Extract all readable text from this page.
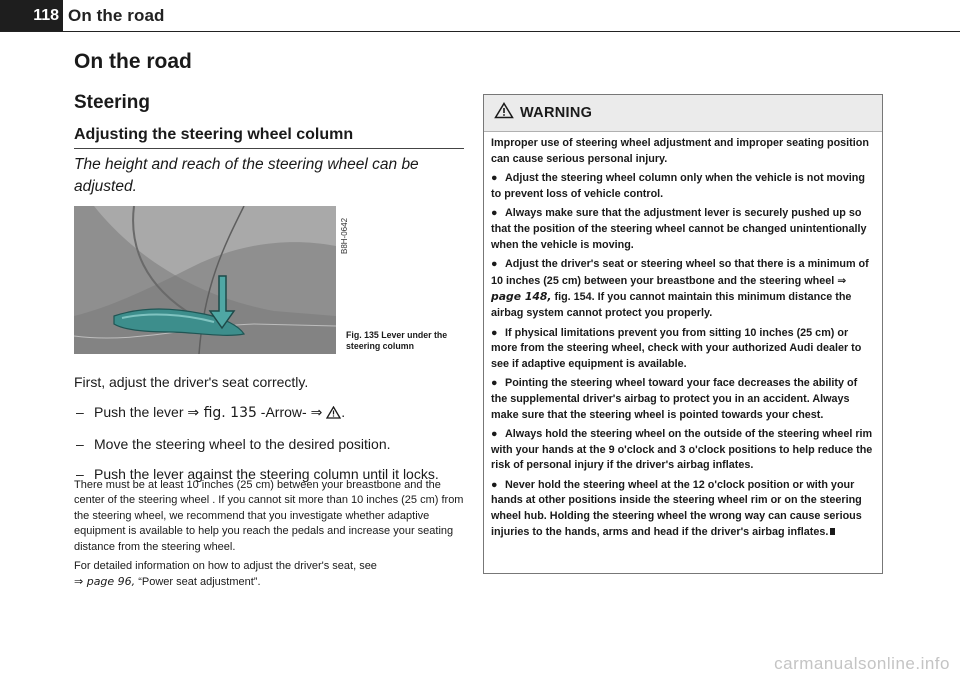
118 On the road
On the road
Steering
Adjusting the steering wheel column

The height and reach of the steering wheel can be adjusted.

B8H-0642
Fig. 135 Lever under the steering column

First, adjust the driver's seat correctly.

– Push the lever ⇒ fig. 135 -Arrow- ⇒ .
– Move the steering wheel to the desired position.
– Push the lever against the steering column until it locks.

There must be at least 10 inches (25 cm) between your breastbone and the center of the steering wheel . If you cannot sit more than 10 inches (25 cm) from the steering wheel, we recommend that you investigate whether adaptive equipment is available to help you reach the pedals and increase your seating distance from the steering wheel.

For detailed information on how to adjust the driver's seat, see
⇒ page 96, “Power seat adjustment”.

WARNING

Improper use of steering wheel adjustment and improper seating position can cause serious personal injury.

● Adjust the steering wheel column only when the vehicle is not moving to prevent loss of vehicle control.

● Always make sure that the adjustment lever is securely pushed up so that the position of the steering wheel cannot be changed unintentionally when the vehicle is moving.

● Adjust the driver's seat or steering wheel so that there is a minimum of 10 inches (25 cm) between your breastbone and the steering wheel ⇒ page 148, fig. 154. If you cannot maintain this minimum distance the airbag system cannot protect you properly.

● If physical limitations prevent you from sitting 10 inches (25 cm) or more from the steering wheel, check with your authorized Audi dealer to see if adaptive equipment is available.

● Pointing the steering wheel toward your face decreases the ability of the supplemental driver's airbag to protect you in an accident. Always make sure that the steering wheel is pointed towards your chest.

● Always hold the steering wheel on the outside of the steering wheel rim with your hands at the 9 o'clock and 3 o'clock positions to help reduce the risk of personal injury if the driver's airbag inflates.

● Never hold the steering wheel at the 12 o'clock position or with your hands at other positions inside the steering wheel rim or on the steering wheel hub. Holding the steering wheel the wrong way can cause serious injuries to the hands, arms and head if the driver's airbag inflates.

carmanualsonline.info
